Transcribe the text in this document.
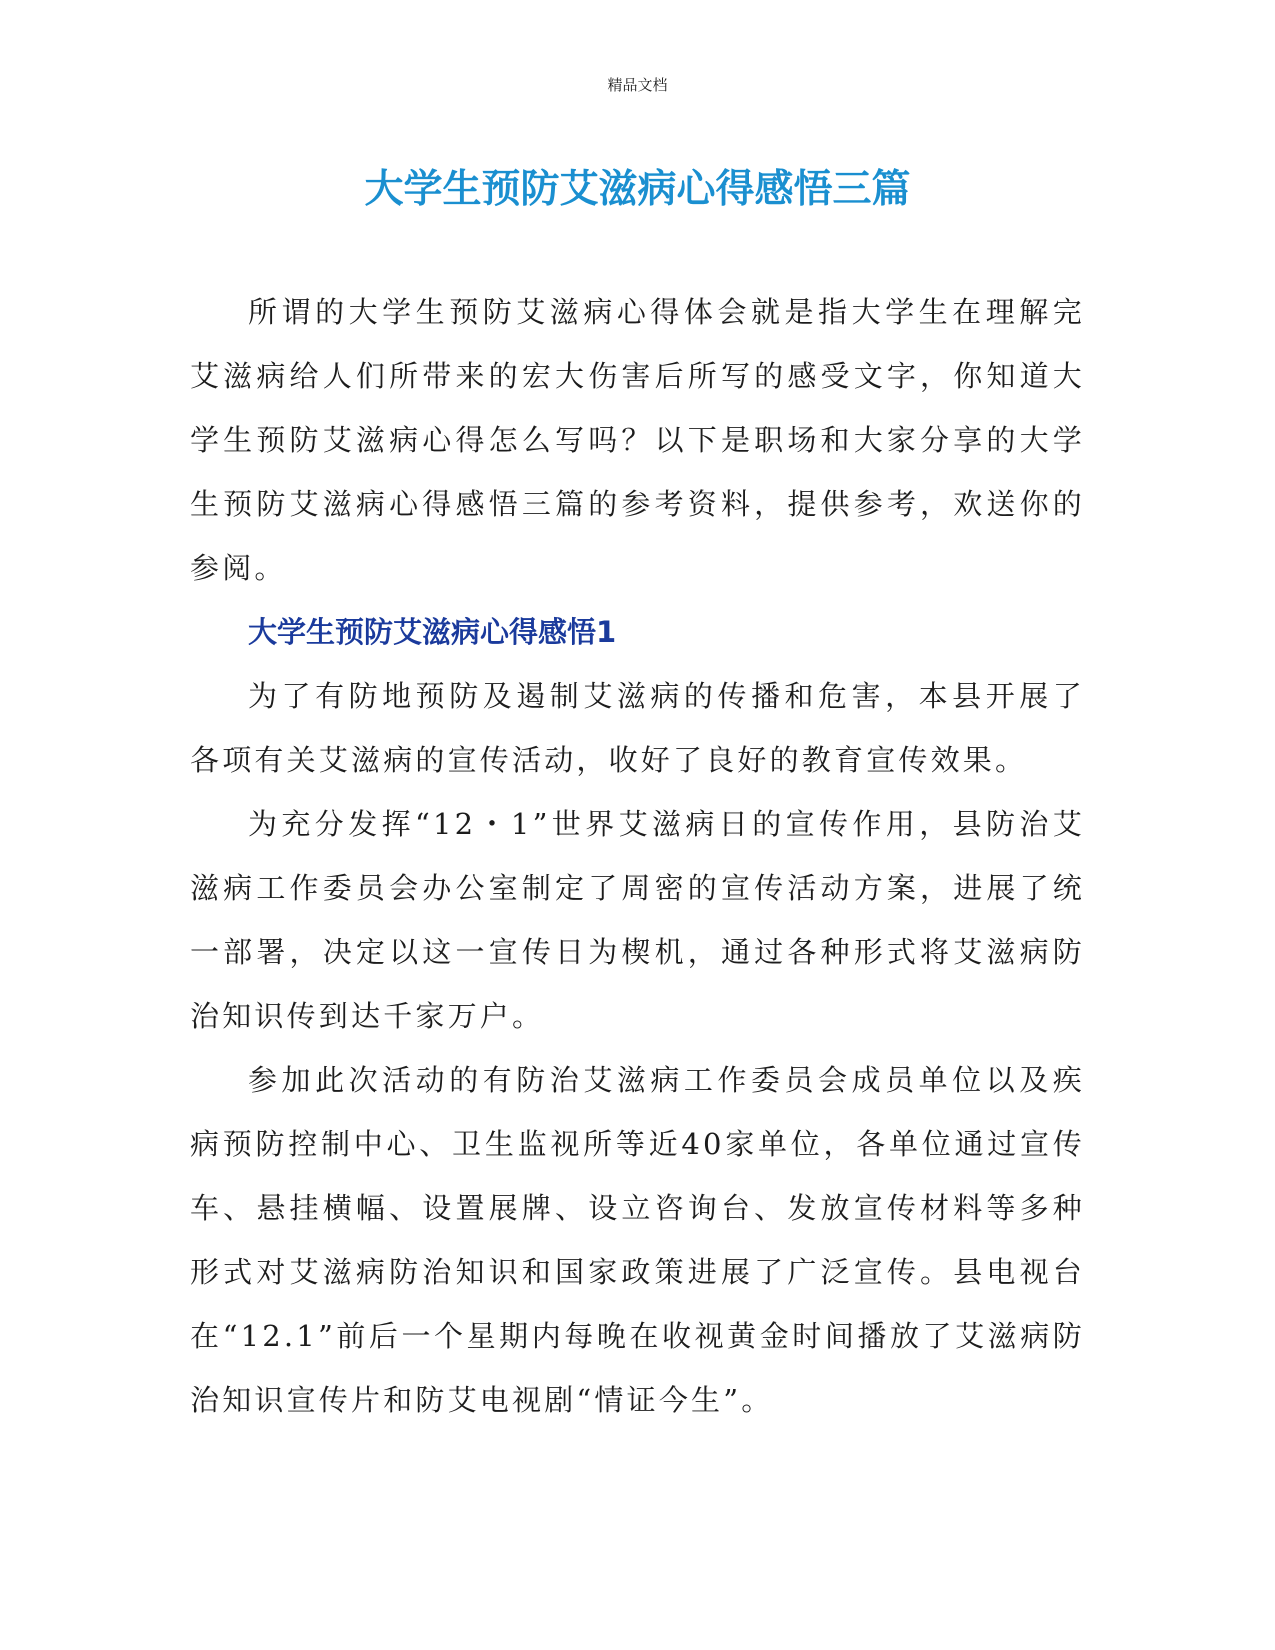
精品文档
大学生预防艾滋病心得感悟三篇

所谓的大学生预防艾滋病心得体会就是指大学生在理解完艾滋病给人们所带来的宏大伤害后所写的感受文字，你知道大学生预防艾滋病心得怎么写吗？以下是职场和大家分享的大学生预防艾滋病心得感悟三篇的参考资料，提供参考，欢送你的参阅。

大学生预防艾滋病心得感悟1

为了有防地预防及遏制艾滋病的传播和危害，本县开展了各项有关艾滋病的宣传活动，收好了良好的教育宣传效果。

为充分发挥“12・1”世界艾滋病日的宣传作用，县防治艾滋病工作委员会办公室制定了周密的宣传活动方案，进展了统一部署，决定以这一宣传日为楔机，通过各种形式将艾滋病防治知识传到达千家万户。

参加此次活动的有防治艾滋病工作委员会成员单位以及疾病预防控制中心、卫生监视所等近40家单位，各单位通过宣传车、悬挂横幅、设置展牌、设立咨询台、发放宣传材料等多种形式对艾滋病防治知识和国家政策进展了广泛宣传。县电视台在“12.1”前后一个星期内每晚在收视黄金时间播放了艾滋病防治知识宣传片和防艾电视剧“情证今生”。
